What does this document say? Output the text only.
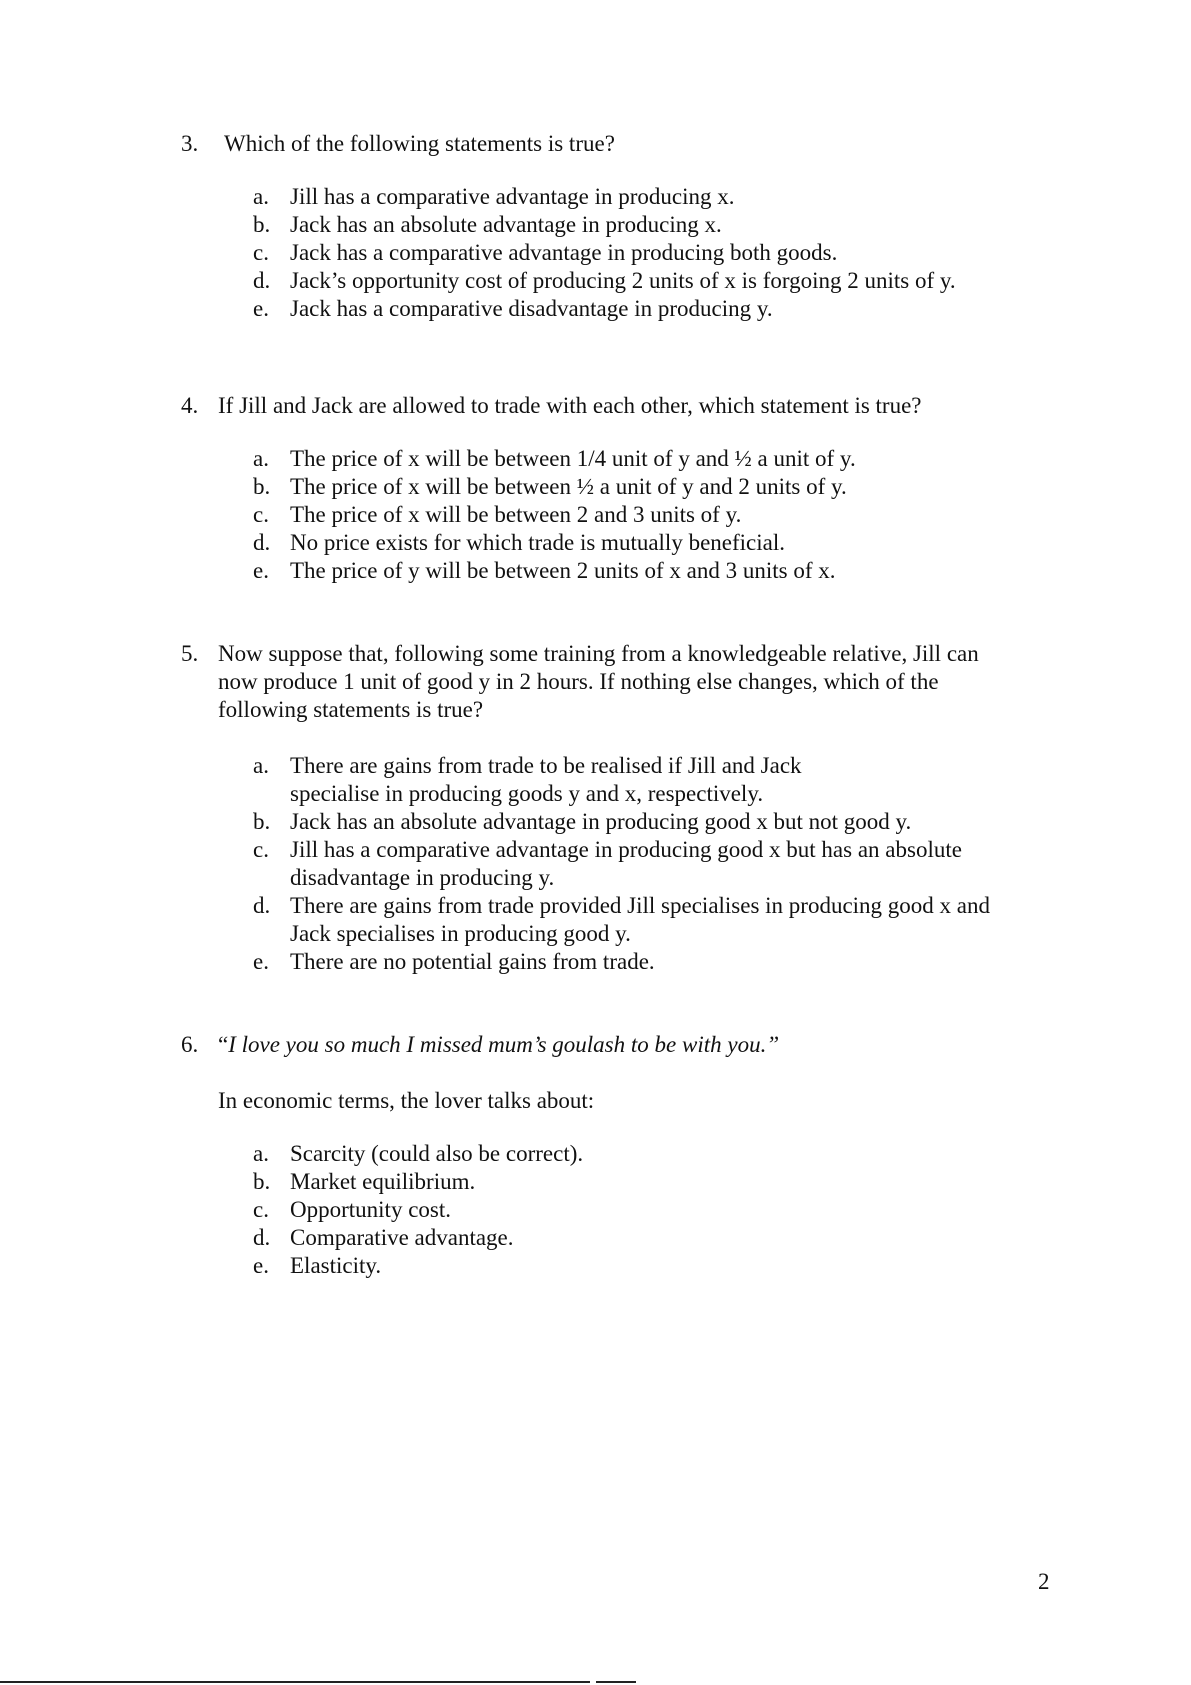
3.	Which of the following statements is true?
a. Jill has a comparative advantage in producing x.
b. Jack has an absolute advantage in producing x.
c. Jack has a comparative advantage in producing both goods.
d. Jack’s opportunity cost of producing 2 units of x is forgoing 2 units of y.
e. Jack has a comparative disadvantage in producing y.
4. If Jill and Jack are allowed to trade with each other, which statement is true?
a. The price of x will be between 1/4 unit of y and ½ a unit of y.
b. The price of x will be between ½ a unit of y and 2 units of y.
c. The price of x will be between 2 and 3 units of y.
d. No price exists for which trade is mutually beneficial.
e. The price of y will be between 2 units of x and 3 units of x.
5. Now suppose that, following some training from a knowledgeable relative, Jill can now produce 1 unit of good y in 2 hours. If nothing else changes, which of the following statements is true?
a. There are gains from trade to be realised if Jill and Jack specialise in producing goods y and x, respectively.
b. Jack has an absolute advantage in producing good x but not good y.
c. Jill has a comparative advantage in producing good x but has an absolute disadvantage in producing y.
d. There are gains from trade provided Jill specialises in producing good x and Jack specialises in producing good y.
e. There are no potential gains from trade.
6. “I love you so much I missed mum’s goulash to be with you.”
In economic terms, the lover talks about:
a. Scarcity (could also be correct).
b. Market equilibrium.
c. Opportunity cost.
d. Comparative advantage.
e. Elasticity.
2
